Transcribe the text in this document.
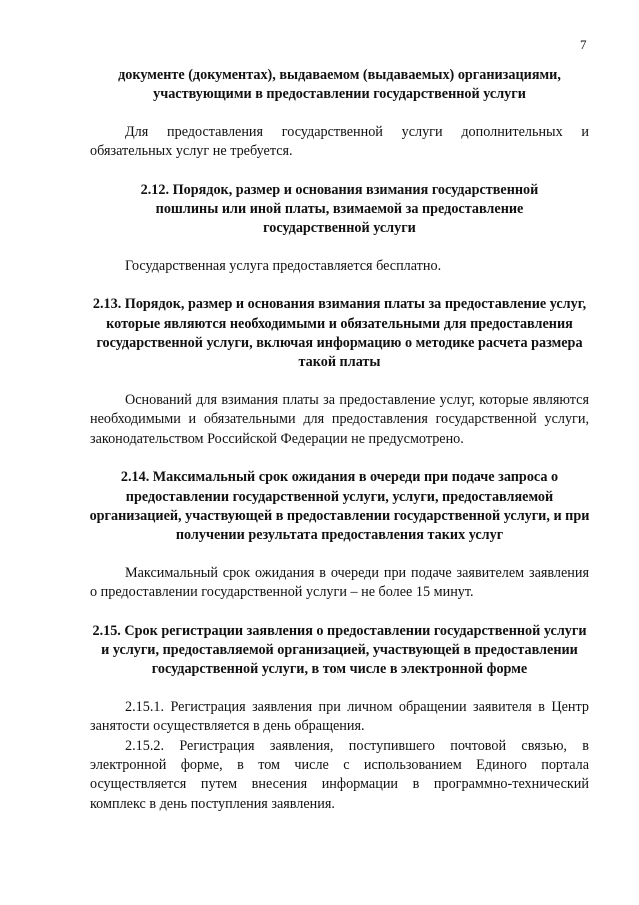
7

документе (документах), выдаваемом (выдаваемых) организациями, участвующими в предоставлении государственной услуги

Для предоставления государственной услуги дополнительных и обязательных услуг не требуется.

2.12. Порядок, размер и основания взимания государственной пошлины или иной платы, взимаемой за предоставление государственной услуги

Государственная услуга предоставляется бесплатно.

2.13. Порядок, размер и основания взимания платы за предоставление услуг, которые являются необходимыми и обязательными для предоставления государственной услуги, включая информацию о методике расчета размера такой платы

Оснований для взимания платы за предоставление услуг, которые являются необходимыми и обязательными для предоставления государственной услуги, законодательством Российской Федерации не предусмотрено.

2.14. Максимальный срок ожидания в очереди при подаче запроса о предоставлении государственной услуги, услуги, предоставляемой организацией, участвующей в предоставлении государственной услуги, и при получении результата предоставления таких услуг

Максимальный срок ожидания в очереди при подаче заявителем заявления о предоставлении государственной услуги – не более 15 минут.

2.15. Срок регистрации заявления о предоставлении государственной услуги и услуги, предоставляемой организацией, участвующей в предоставлении государственной услуги, в том числе в электронной форме

2.15.1. Регистрация заявления при личном обращении заявителя в Центр занятости осуществляется в день обращения.

2.15.2. Регистрация заявления, поступившего почтовой связью, в электронной форме, в том числе с использованием Единого портала осуществляется путем внесения информации в программно-технический комплекс в день поступления заявления.
